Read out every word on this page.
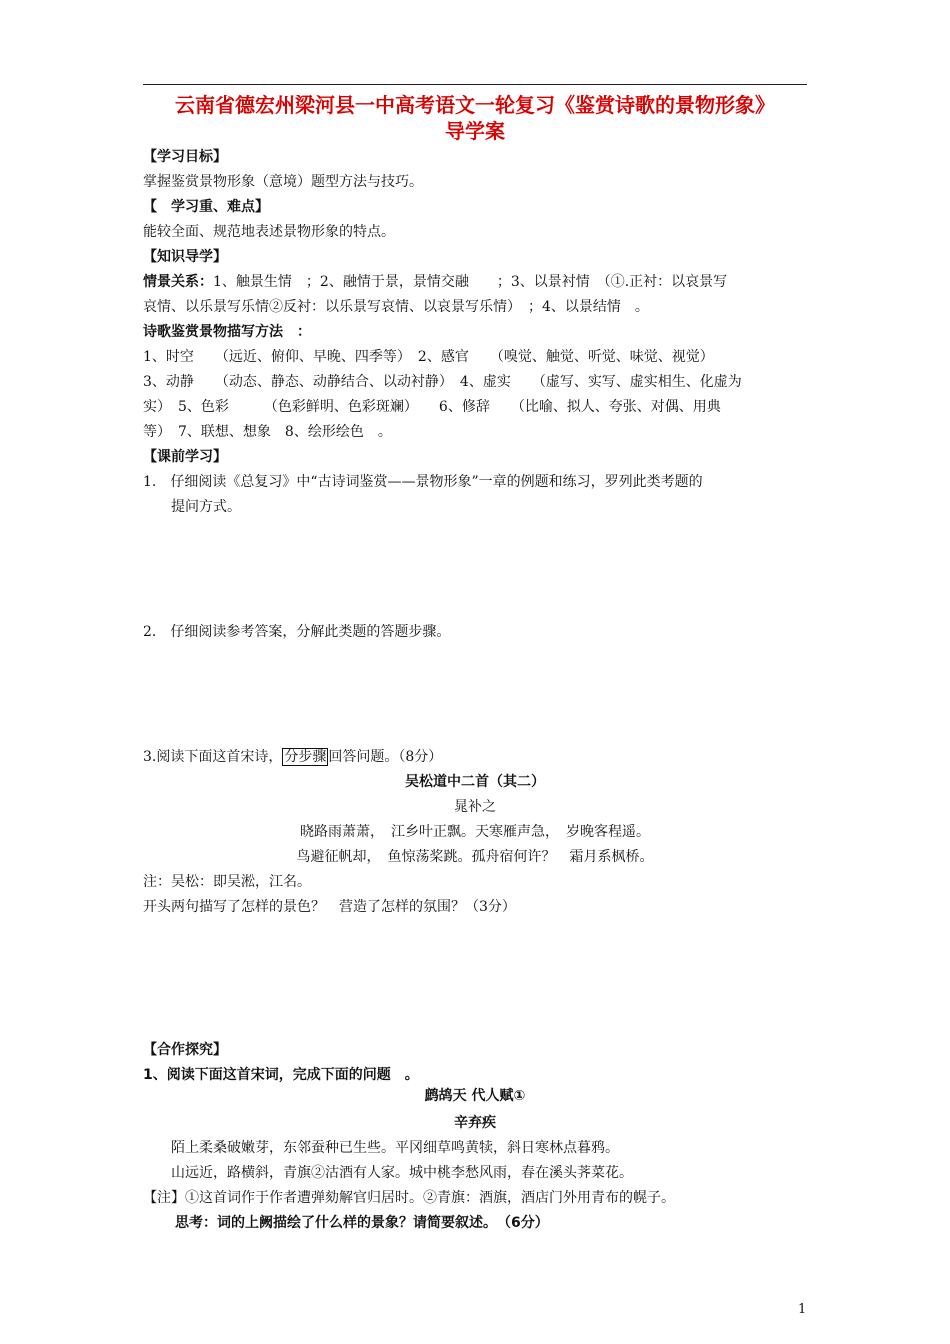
云南省德宏州梁河县一中高考语文一轮复习《鉴赏诗歌的景物形象》
导学案
【学习目标】
掌握鉴赏景物形象（意境）题型方法与技巧。
【　学习重、难点】
能较全面、规范地表述景物形象的特点。
【知识导学】
情景关系：1、触景生情　；2、融情于景，景情交融　　；3、以景衬情　（①.正衬：以哀景写
哀情、以乐景写乐情②反衬：以乐景写哀情、以哀景写乐情）　；4、以景结情　。
诗歌鉴赏景物描写方法　：
1、时空　　（远近、俯仰、早晚、四季等）　2、感官　　（嗅觉、触觉、听觉、味觉、视觉）
3、动静　　（动态、静态、动静结合、以动衬静）　4、虚实　　（虚写、实写、虚实相生、化虚为
实）　5、色彩　　　（色彩鲜明、色彩斑斓）　　6、修辞　　（比喻、拟人、夸张、对偶、用典
等）　7、联想、想象　8、绘形绘色　。
【课前学习】
1.　仔细阅读《总复习》中“古诗词鉴赏——景物形象”一章的例题和练习，罗列此类考题的
提问方式。
2.　仔细阅读参考答案，分解此类题的答题步骤。
3.阅读下面这首宋诗， 分步骤 回答问题。（8分）
吴松道中二首（其二）
晁补之
晓路雨萧萧，　江乡叶正飘。天寒雁声急，　岁晚客程遥。
鸟避征帆却，　鱼惊荡桨跳。孤舟宿何许？　霜月系枫桥。
注：吴松：即吴淞，江名。
开头两句描写了怎样的景色？　营造了怎样的氛围？（3分）
【合作探究】
1、阅读下面这首宋词，完成下面的问题　。
鹧鸪天 代人赋①
辛弃疾
陌上柔桑破嫩芽，东邻蚕种已生些。平冈细草鸣黄犊，斜日寒林点暮鸦。
山远近，路横斜，青旗②沽酒有人家。城中桃李愁风雨，春在溪头荠菜花。
【注】①这首词作于作者遭弹劾解官归居时。②青旗：酒旗，酒店门外用青布的幌子。
思考：词的上阙描绘了什么样的景象？请简要叙述。　（6分）
1
